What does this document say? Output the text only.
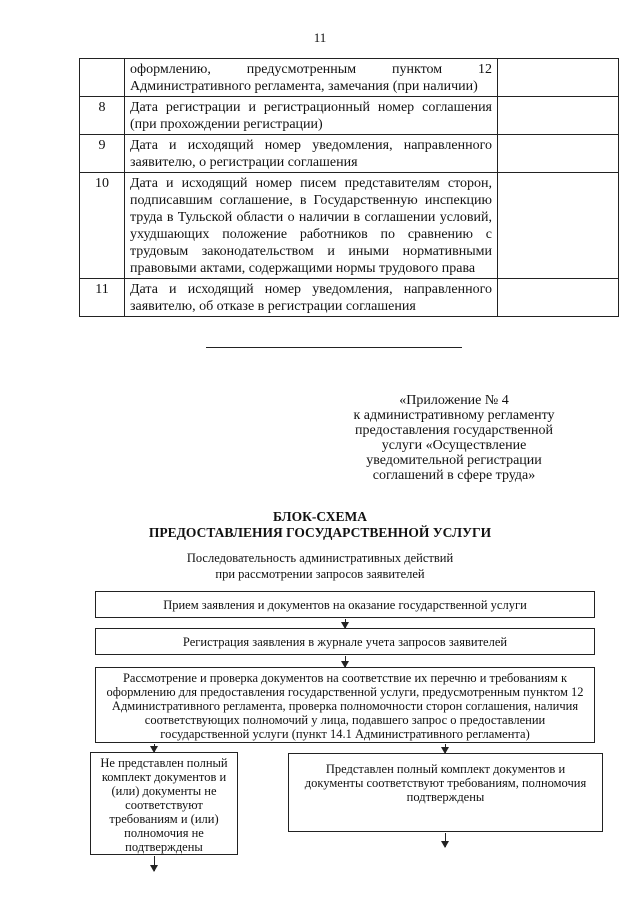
11
	оформлению, предусмотренным пунктом 12 Административного регламента, замечания (при наличии)	
8	Дата регистрации и регистрационный номер соглашения (при прохождении регистрации)	
9	Дата и исходящий номер уведомления, направленного заявителю, о регистрации соглашения	
10	Дата и исходящий номер писем представителям сторон, подписавшим соглашение, в Государственную инспекцию труда в Тульской области о наличии в соглашении условий, ухудшающих положение работников по сравнению с трудовым законодательством и иными нормативными правовыми актами, содержащими нормы трудового права	
11	Дата и исходящий номер уведомления, направленного заявителю, об отказе в регистрации соглашения	
«Приложение № 4
к административному регламенту
предоставления государственной
услуги «Осуществление
уведомительной регистрации
соглашений в сфере труда»
БЛОК-СХЕМА
ПРЕДОСТАВЛЕНИЯ ГОСУДАРСТВЕННОЙ УСЛУГИ
Последовательность административных действий
при рассмотрении запросов заявителей
Прием заявления и документов на оказание государственной услуги
Регистрация заявления в журнале учета запросов заявителей
Рассмотрение и проверка документов на соответствие их перечню и требованиям к оформлению для предоставления государственной услуги, предусмотренным пунктом 12 Административного регламента, проверка полномочности сторон соглашения, наличия соответствующих полномочий у лица, подавшего запрос о предоставлении государственной услуги (пункт 14.1 Административного регламента)
Не представлен полный комплект документов и (или) документы не соответствуют требованиям и (или) полномочия не подтверждены
Представлен полный комплект документов и документы соответствуют требованиям, полномочия подтверждены
